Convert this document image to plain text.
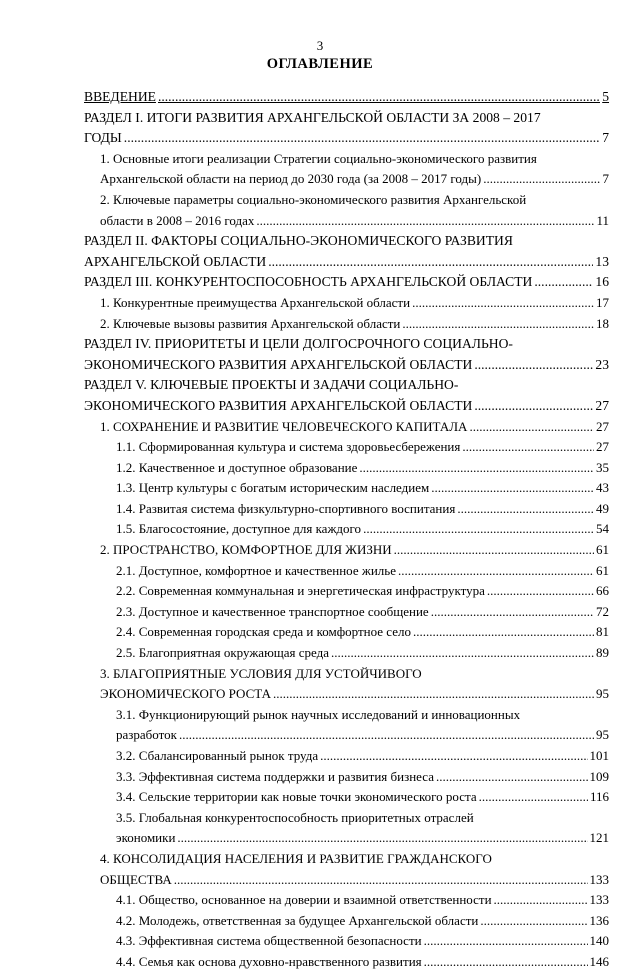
3
ОГЛАВЛЕНИЕ
ВВЕДЕНИЕ .....	5
РАЗДЕЛ I. ИТОГИ РАЗВИТИЯ АРХАНГЕЛЬСКОЙ ОБЛАСТИ ЗА 2008 – 2017
ГОДЫ .....	7
1. Основные итоги реализации Стратегии социально-экономического развития
Архангельской области на период до 2030 года (за 2008 – 2017 годы) .....	7
2. Ключевые параметры социально-экономического развития Архангельской
области в 2008 – 2016 годах .....	11
РАЗДЕЛ II. ФАКТОРЫ СОЦИАЛЬНО-ЭКОНОМИЧЕСКОГО РАЗВИТИЯ
АРХАНГЕЛЬСКОЙ ОБЛАСТИ .....	13
РАЗДЕЛ III. КОНКУРЕНТОСПОСОБНОСТЬ АРХАНГЕЛЬСКОЙ ОБЛАСТИ .....	16
1. Конкурентные преимущества Архангельской области .....	17
2. Ключевые вызовы развития Архангельской области .....	18
РАЗДЕЛ IV. ПРИОРИТЕТЫ И ЦЕЛИ ДОЛГОСРОЧНОГО СОЦИАЛЬНО-
ЭКОНОМИЧЕСКОГО РАЗВИТИЯ АРХАНГЕЛЬСКОЙ ОБЛАСТИ .....	23
РАЗДЕЛ V. КЛЮЧЕВЫЕ ПРОЕКТЫ И ЗАДАЧИ СОЦИАЛЬНО-
ЭКОНОМИЧЕСКОГО РАЗВИТИЯ АРХАНГЕЛЬСКОЙ ОБЛАСТИ .....	27
1. СОХРАНЕНИЕ И РАЗВИТИЕ ЧЕЛОВЕЧЕСКОГО КАПИТАЛА .....	27
1.1. Сформированная культура и система здоровьесбережения .....	27
1.2. Качественное и доступное образование .....	35
1.3. Центр культуры с богатым историческим наследием .....	43
1.4. Развитая система физкультурно-спортивного воспитания .....	49
1.5. Благосостояние, доступное для каждого .....	54
2. ПРОСТРАНСТВО, КОМФОРТНОЕ ДЛЯ ЖИЗНИ .....	61
2.1. Доступное, комфортное и качественное жилье .....	61
2.2. Современная коммунальная и энергетическая инфраструктура .....	66
2.3. Доступное и качественное транспортное сообщение .....	72
2.4. Современная городская среда и комфортное село .....	81
2.5. Благоприятная окружающая среда .....	89
3. БЛАГОПРИЯТНЫЕ УСЛОВИЯ ДЛЯ УСТОЙЧИВОГО
ЭКОНОМИЧЕСКОГО РОСТА .....	95
3.1. Функционирующий рынок научных исследований и инновационных
разработок .....	95
3.2. Сбалансированный рынок труда .....	101
3.3. Эффективная система поддержки и развития бизнеса .....	109
3.4. Сельские территории как новые точки экономического роста .....	116
3.5. Глобальная конкурентоспособность приоритетных отраслей
экономики .....	121
4. КОНСОЛИДАЦИЯ НАСЕЛЕНИЯ И РАЗВИТИЕ ГРАЖДАНСКОГО
ОБЩЕСТВА .....	133
4.1. Общество, основанное на доверии и взаимной ответственности .....	133
4.2. Молодежь, ответственная за будущее Архангельской области .....	136
4.3. Эффективная система общественной безопасности .....	140
4.4. Семья как основа духовно-нравственного развития .....	146
